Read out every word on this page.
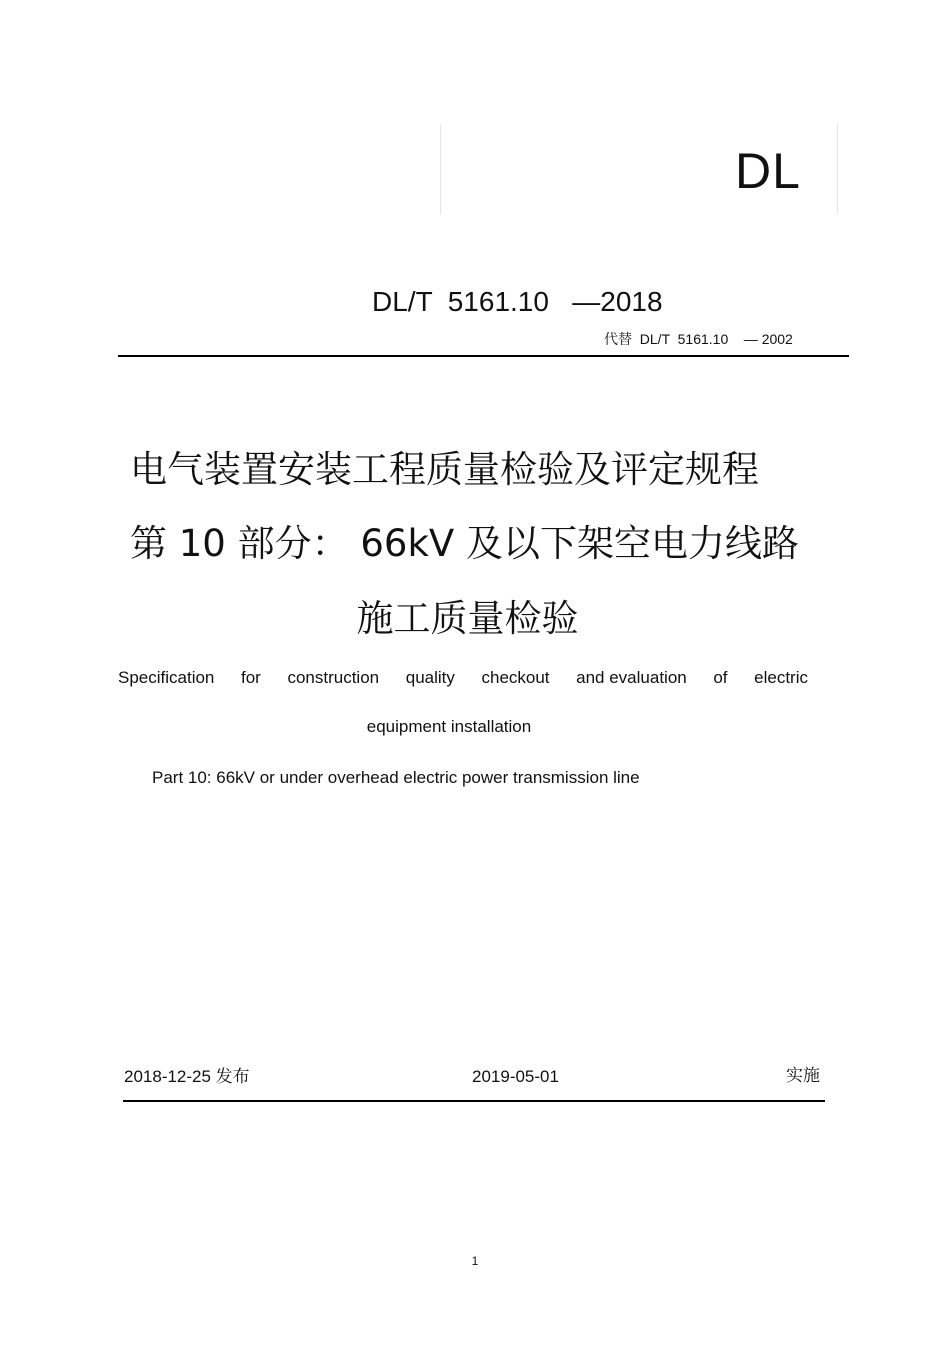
DL
DL/T  5161.10   —2018
代替  DL/T  5161.10    — 2002
电气装置安装工程质量检验及评定规程
第 10 部分： 66kV 及以下架空电力线路
施工质量检验
Specification for construction quality checkout and evaluation of electric
equipment installation
Part 10: 66kV or under overhead electric power transmission line
2018-12-25 发布	2019-05-01	实施
1
